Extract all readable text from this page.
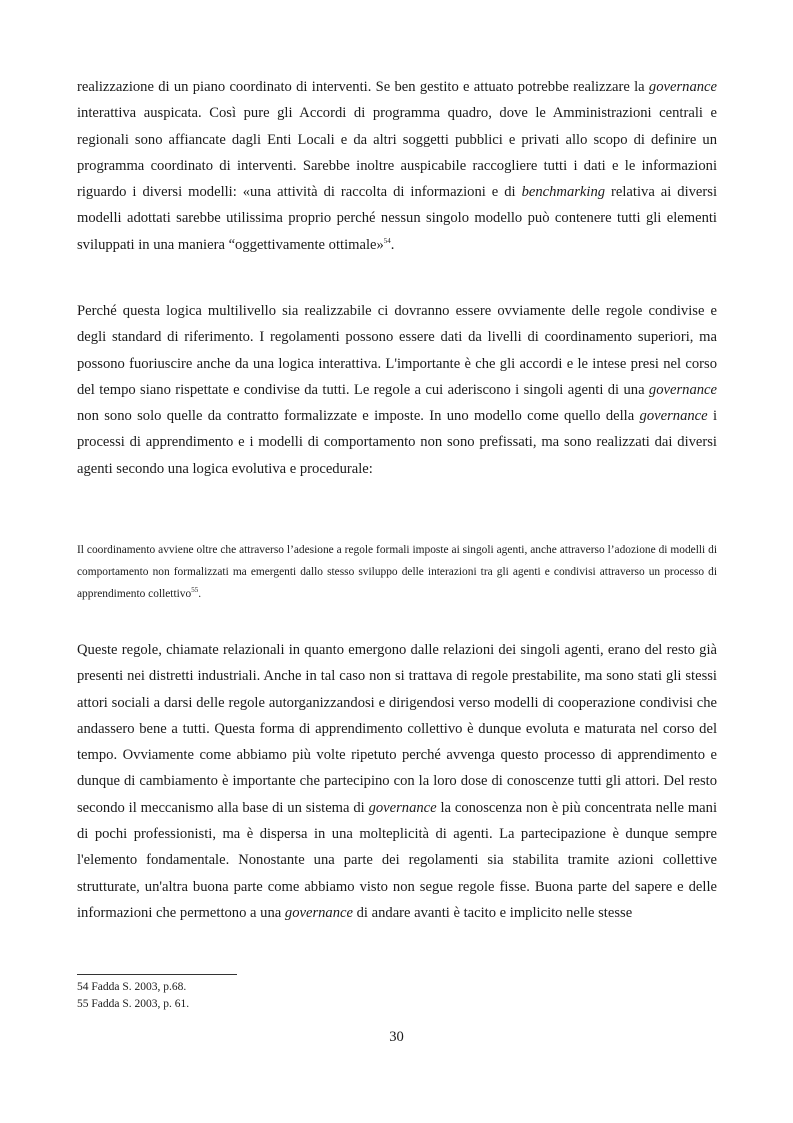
realizzazione di un piano coordinato di interventi. Se ben gestito e attuato potrebbe realizzare la governance interattiva auspicata. Così pure gli Accordi di programma quadro, dove le Amministrazioni centrali e regionali sono affiancate dagli Enti Locali e da altri soggetti pubblici e privati allo scopo di definire un programma coordinato di interventi. Sarebbe inoltre auspicabile raccogliere tutti i dati e le informazioni riguardo i diversi modelli: «una attività di raccolta di informazioni e di benchmarking relativa ai diversi modelli adottati sarebbe utilissima proprio perché nessun singolo modello può contenere tutti gli elementi sviluppati in una maniera “oggettivamente ottimale»$^{54}$.

Perché questa logica multilivello sia realizzabile ci dovranno essere ovviamente delle regole condivise e degli standard di riferimento. I regolamenti possono essere dati da livelli di coordinamento superiori, ma possono fuoriuscire anche da una logica interattiva. L'importante è che gli accordi e le intese presi nel corso del tempo siano rispettate e condivise da tutti. Le regole a cui aderiscono i singoli agenti di una governance non sono solo quelle da contratto formalizzate e imposte. In uno modello come quello della governance i processi di apprendimento e i modelli di comportamento non sono prefissati, ma sono realizzati dai diversi agenti secondo una logica evolutiva e procedurale:

Il coordinamento avviene oltre che attraverso l’adesione a regole formali imposte ai singoli agenti, anche attraverso l’adozione di modelli di comportamento non formalizzati ma emergenti dallo stesso sviluppo delle interazioni tra gli agenti e condivisi attraverso un processo di apprendimento collettivo$^{55}$.

Queste regole, chiamate relazionali in quanto emergono dalle relazioni dei singoli agenti, erano del resto già presenti nei distretti industriali. Anche in tal caso non si trattava di regole prestabilite, ma sono stati gli stessi attori sociali a darsi delle regole autorganizzandosi e dirigendosi verso modelli di cooperazione condivisi che andassero bene a tutti. Questa forma di apprendimento collettivo è dunque evoluta e maturata nel corso del tempo. Ovviamente come abbiamo più volte ripetuto perché avvenga questo processo di apprendimento e dunque di cambiamento è importante che partecipino con la loro dose di conoscenze tutti gli attori. Del resto secondo il meccanismo alla base di un sistema di governance la conoscenza non è più concentrata nelle mani di pochi professionisti, ma è dispersa in una molteplicità di agenti. La partecipazione è dunque sempre l'elemento fondamentale. Nonostante una parte dei regolamenti sia stabilita tramite azioni collettive strutturate, un'altra buona parte come abbiamo visto non segue regole fisse. Buona parte del sapere e delle informazioni che permettono a una governance di andare avanti è tacito e implicito nelle stesse

54 Fadda S. 2003, p.68.

55 Fadda S. 2003, p. 61.

30
